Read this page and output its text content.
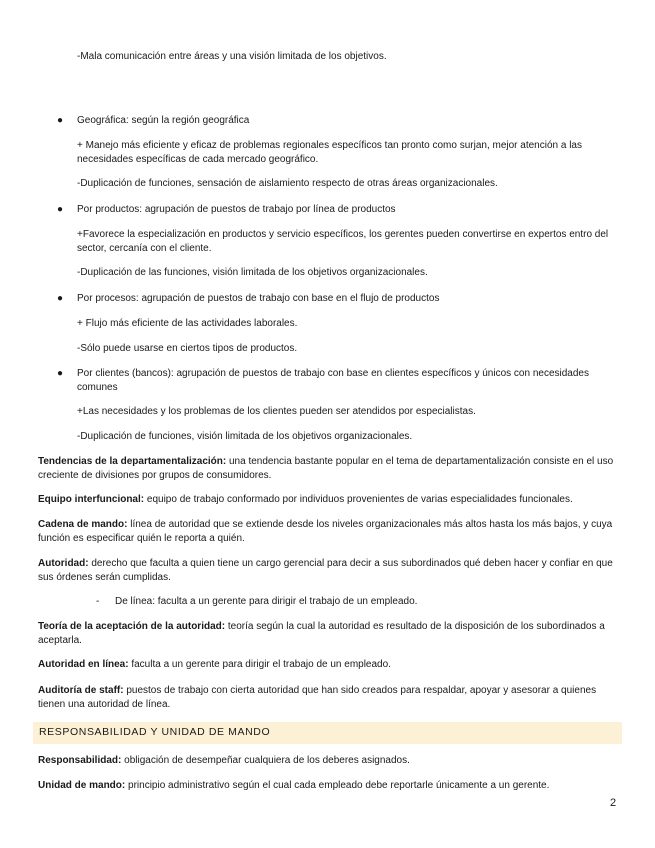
-Mala comunicación entre áreas y una visión limitada de los objetivos.

● Geográfica: según la región geográfica

+ Manejo más eficiente y eficaz de problemas regionales específicos tan pronto como surjan, mejor atención a las necesidades específicas de cada mercado geográfico.

-Duplicación de funciones, sensación de aislamiento respecto de otras áreas organizacionales.

● Por productos: agrupación de puestos de trabajo por línea de productos

+Favorece la especialización en productos y servicio específicos, los gerentes pueden convertirse en expertos entro del sector, cercanía con el cliente.

-Duplicación de las funciones, visión limitada de los objetivos organizacionales.

● Por procesos: agrupación de puestos de trabajo con base en el flujo de productos

+ Flujo más eficiente de las actividades laborales.

-Sólo puede usarse en ciertos tipos de productos.

● Por clientes (bancos): agrupación de puestos de trabajo con base en clientes específicos y únicos con necesidades comunes

+Las necesidades y los problemas de los clientes pueden ser atendidos por especialistas.

-Duplicación de funciones, visión limitada de los objetivos organizacionales.

Tendencias de la departamentalización: una tendencia bastante popular en el tema de departamentalización consiste en el uso creciente de divisiones por grupos de consumidores.

Equipo interfuncional: equipo de trabajo conformado por individuos provenientes de varias especialidades funcionales.

Cadena de mando: línea de autoridad que se extiende desde los niveles organizacionales más altos hasta los más bajos, y cuya función es especificar quién le reporta a quién.

Autoridad: derecho que faculta a quien tiene un cargo gerencial para decir a sus subordinados qué deben hacer y confiar en que sus órdenes serán cumplidas.

- De línea: faculta a un gerente para dirigir el trabajo de un empleado.

Teoría de la aceptación de la autoridad: teoría según la cual la autoridad es resultado de la disposición de los subordinados a aceptarla.

Autoridad en línea: faculta a un gerente para dirigir el trabajo de un empleado.

Auditoría de staff: puestos de trabajo con cierta autoridad que han sido creados para respaldar, apoyar y asesorar a quienes tienen una autoridad de línea.

RESPONSABILIDAD Y UNIDAD DE MANDO

Responsabilidad: obligación de desempeñar cualquiera de los deberes asignados.

Unidad de mando: principio administrativo según el cual cada empleado debe reportarle únicamente a un gerente.

2
